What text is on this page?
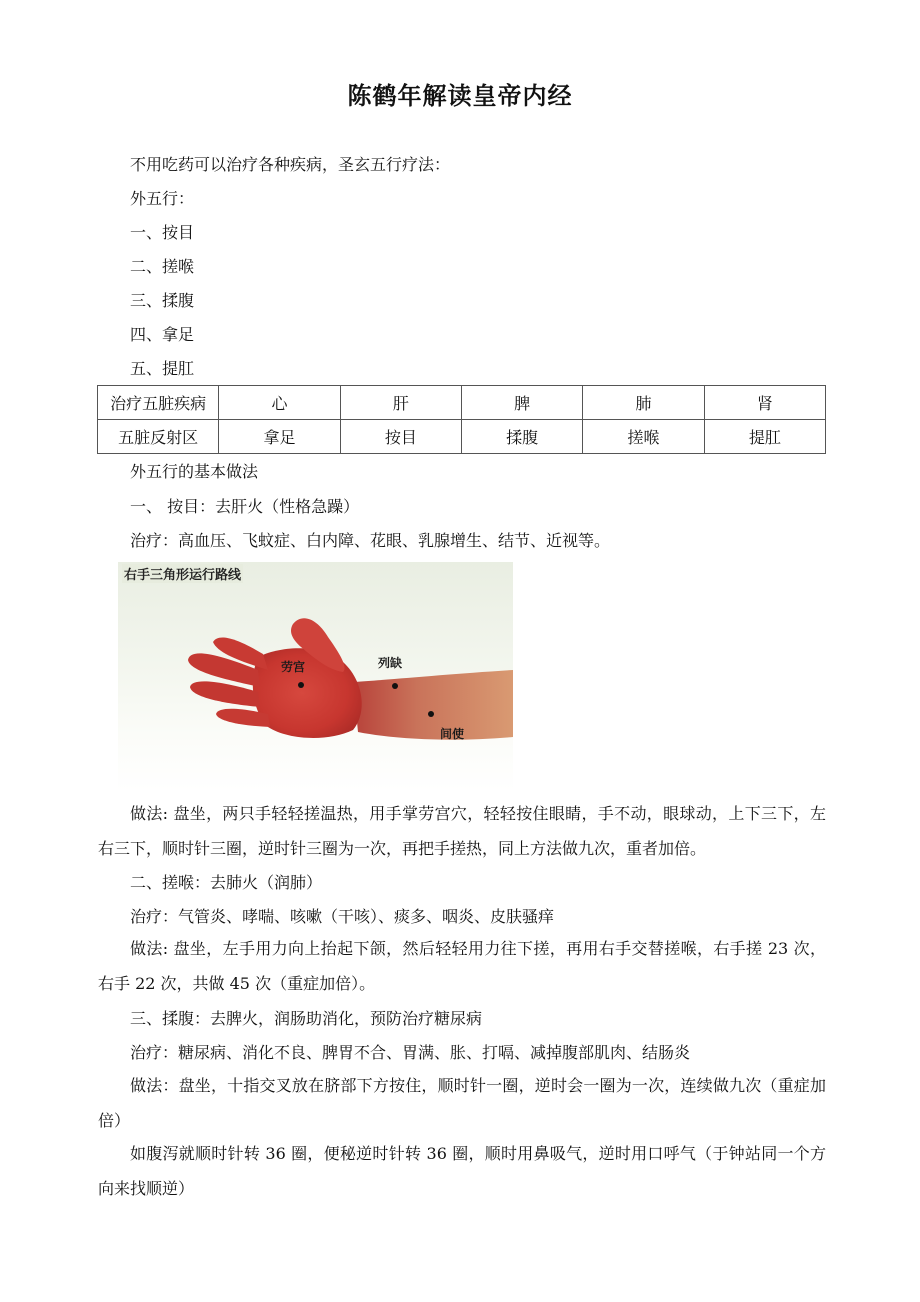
陈鹤年解读皇帝内经
不用吃药可以治疗各种疾病，圣玄五行疗法：
外五行：
一、按目
二、搓喉
三、揉腹
四、拿足
五、提肛
治疗五脏疾病	心	肝	脾	肺	肾
五脏反射区	拿足	按目	揉腹	搓喉	提肛
外五行的基本做法
一、 按目：去肝火（性格急躁）
治疗：高血压、飞蚊症、白内障、花眼、乳腺增生、结节、近视等。
右手三角形运行路线
劳宫	列缺
间使
做法: 盘坐，两只手轻轻搓温热，用手掌劳宫穴，轻轻按住眼睛，手不动，眼球动，上下三下，左右三下，顺时针三圈，逆时针三圈为一次，再把手搓热，同上方法做九次，重者加倍。
二、搓喉：去肺火（润肺）
治疗：气管炎、哮喘、咳嗽（干咳）、痰多、咽炎、皮肤骚痒
做法: 盘坐，左手用力向上抬起下颌，然后轻轻用力往下搓，再用右手交替搓喉，右手搓 23 次，右手 22 次，共做 45 次（重症加倍）。
三、揉腹：去脾火，润肠助消化，预防治疗糖尿病
治疗：糖尿病、消化不良、脾胃不合、胃满、胀、打嗝、减掉腹部肌肉、结肠炎
做法：盘坐，十指交叉放在脐部下方按住，顺时针一圈，逆时会一圈为一次，连续做九次（重症加倍）
如腹泻就顺时针转 36 圈，便秘逆时针转 36 圈，顺时用鼻吸气，逆时用口呼气（于钟站同一个方向来找顺逆）
